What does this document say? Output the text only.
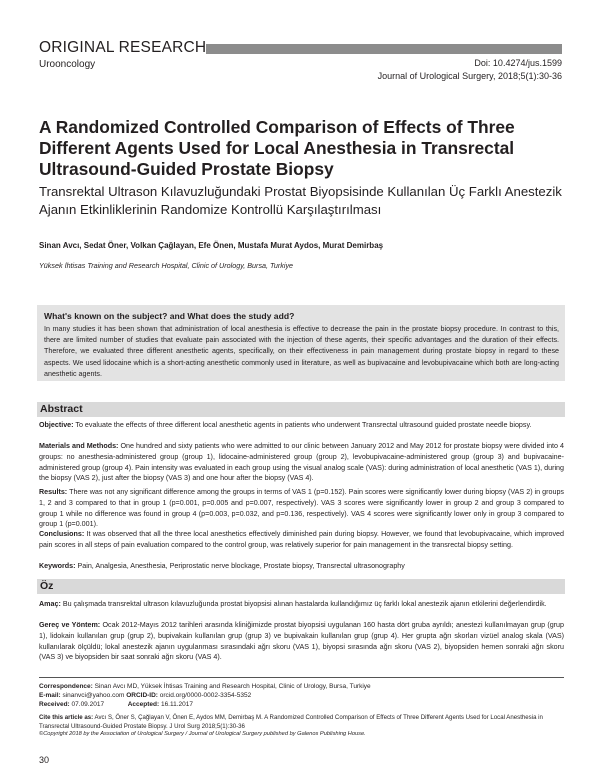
ORIGINAL RESEARCH
Urooncology	Doi: 10.4274/jus.1599
Journal of Urological Surgery, 2018;5(1):30-36
A Randomized Controlled Comparison of Effects of Three Different Agents Used for Local Anesthesia in Transrectal Ultrasound-Guided Prostate Biopsy
Transrektal Ultrason Kılavuzluğundaki Prostat Biyopsisinde Kullanılan Üç Farklı Anestezik Ajanın Etkinliklerinin Randomize Kontrollü Karşılaştırılması
Sinan Avcı, Sedat Öner, Volkan Çağlayan, Efe Önen, Mustafa Murat Aydos, Murat Demirbaş
Yüksek İhtisas Training and Research Hospital, Clinic of Urology, Bursa, Turkiye
What's known on the subject? and What does the study add?
In many studies it has been shown that administration of local anesthesia is effective to decrease the pain in the prostate biopsy procedure. In contrast to this, there are limited number of studies that evaluate pain associated with the injection of these agents, their specific advantages and the duration of their effects. Therefore, we evaluated three different anesthetic agents, specifically, on their effectiveness in pain management during prostate biopsy in regard to these aspects. We used lidocaine which is a short-acting anesthetic commonly used in literature, as well as bupivacaine and levobupivacaine which both are long-acting anesthetic agents.
Abstract
Objective: To evaluate the effects of three different local anesthetic agents in patients who underwent Transrectal ultrasound guided prostate needle biopsy.
Materials and Methods: One hundred and sixty patients who were admitted to our clinic between January 2012 and May 2012 for prostate biopsy were divided into 4 groups: no anesthesia-administered group (group 1), lidocaine-administered group (group 2), levobupivacaine-administered group (group 3) and bupivacaine-administered group (group 4). Pain intensity was evaluated in each group using the visual analog scale (VAS): during administration of local anesthetic (VAS 1), during the biopsy (VAS 2), just after the biopsy (VAS 3) and one hour after the biopsy (VAS 4).
Results: There was not any significant difference among the groups in terms of VAS 1 (p=0.152). Pain scores were significantly lower during biopsy (VAS 2) in groups 1, 2 and 3 compared to that in group 1 (p=0.001, p=0.005 and p=0.007, respectively). VAS 3 scores were significantly lower in group 2 and group 3 compared to group 1 while no difference was found in group 4 (p=0.003, p=0.032, and p=0.136, respectively). VAS 4 scores were significantly lower only in group 3 compared to group 1 (p=0.001).
Conclusions: It was observed that all the three local anesthetics effectively diminished pain during biopsy. However, we found that levobupivacaine, which improved pain scores in all steps of pain evaluation compared to the control group, was relatively superior for pain management in the transrectal biopsy setting.
Keywords: Pain, Analgesia, Anesthesia, Periprostatic nerve blockage, Prostate biopsy, Transrectal ultrasonography
Öz
Amaç: Bu çalışmada transrektal ultrason kılavuzluğunda prostat biyopsisi alınan hastalarda kullandığımız üç farklı lokal anestezik ajanın etkilerini değerlendirdik.
Gereç ve Yöntem: Ocak 2012-Mayıs 2012 tarihleri arasında kliniğimizde prostat biyopsisi uygulanan 160 hasta dört gruba ayrıldı; anestezi kullanılmayan grup (grup 1), lidokain kullanılan grup (grup 2), bupivakain kullanılan grup (grup 3) ve bupivakain kullanılan grup (grup 4). Her grupta ağrı skorları vizüel analog skala (VAS) kullanılarak ölçüldü; lokal anestezik ajanın uygulanması sırasındaki ağrı skoru (VAS 1), biyopsi sırasında ağrı skoru (VAS 2), biyopsiden hemen sonraki ağrı skoru (VAS 3) ve biyopsiden bir saat sonraki ağrı skoru (VAS 4).
Correspondence: Sinan Avcı MD, Yüksek İhtisas Training and Research Hospital, Clinic of Urology, Bursa, Turkiye
E-mail: sinanvci@yahoo.com ORCID-ID: orcid.org/0000-0002-3354-5352
Received: 07.09.2017	Accepted: 16.11.2017
Cite this article as: Avcı S, Öner S, Çağlayan V, Önen E, Aydos MM, Demirbaş M. A Randomized Controlled Comparison of Effects of Three Different Agents Used for Local Anesthesia in Transrectal Ultrasound-Guided Prostate Biopsy. J Urol Surg 2018;5(1):30-36
©Copyright 2018 by the Association of Urological Surgery / Journal of Urological Surgery published by Galenos Publishing House.
30
